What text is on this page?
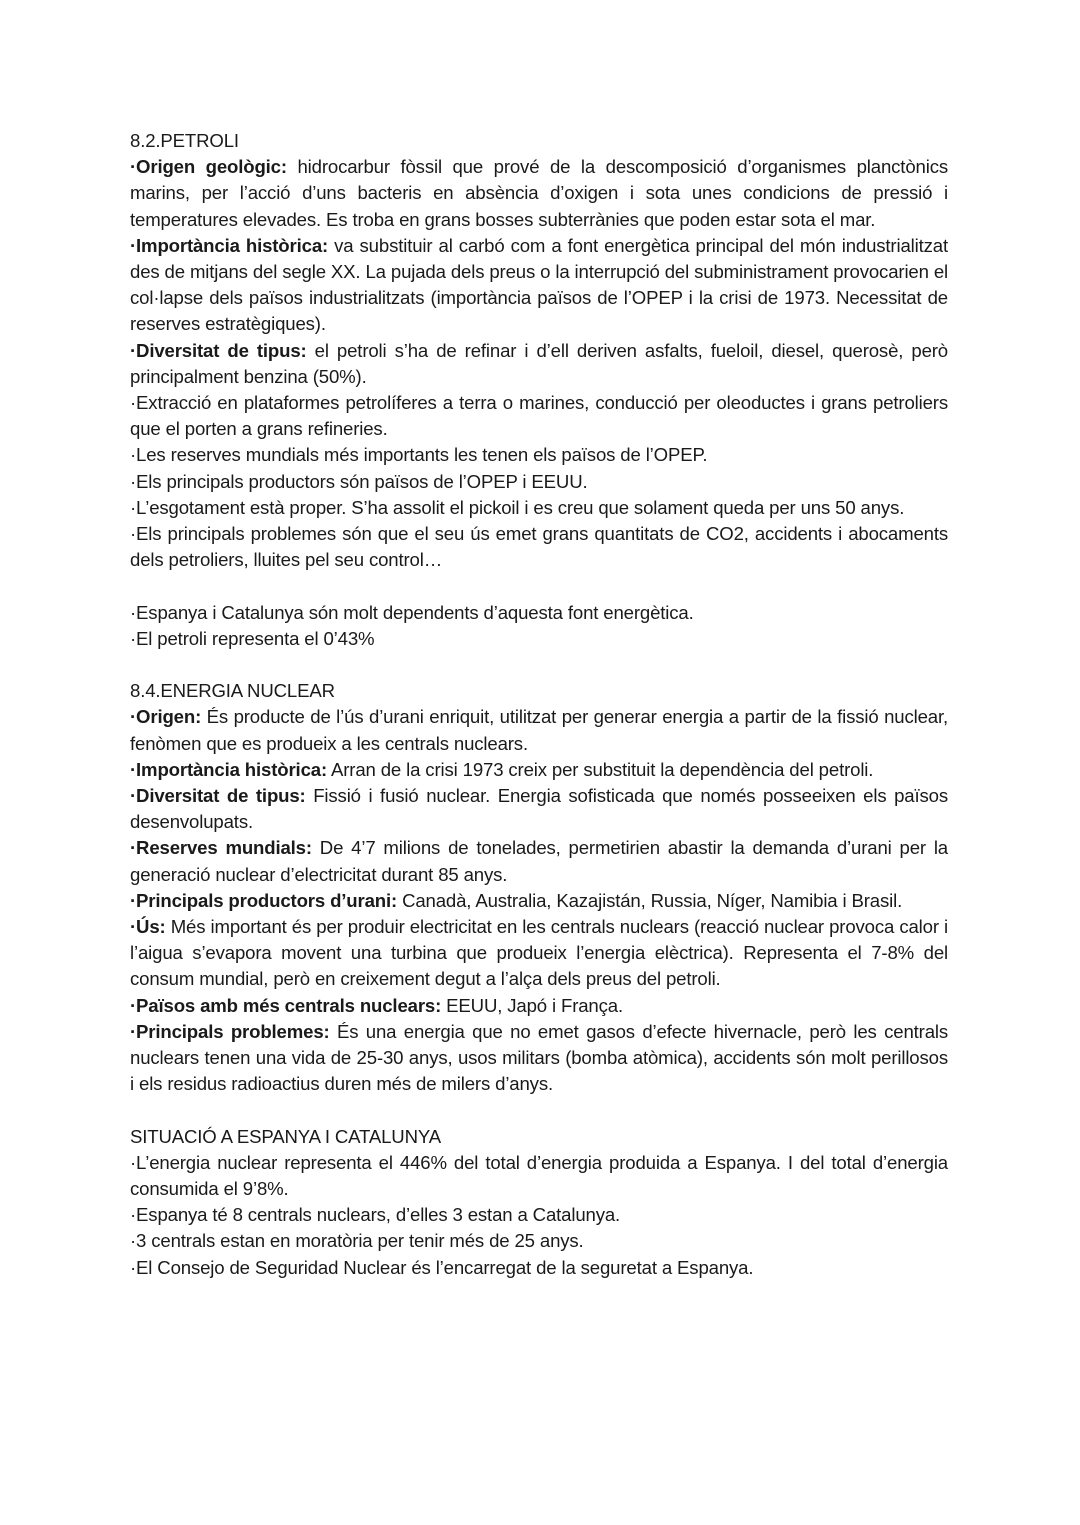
8.2.PETROLI

·Origen geològic: hidrocarbur fòssil que prové de la descomposició d’organismes planctònics marins, per l’acció d’uns bacteris en absència d’oxigen i sota unes condicions de pressió i temperatures elevades. Es troba en grans bosses subterrànies que poden estar sota el mar.

·Importància històrica: va substituir al carbó com a font energètica principal del món industrialitzat des de mitjans del segle XX. La pujada dels preus o la interrupció del subministrament provocarien el col·lapse dels països industrialitzats (importància països de l’OPEP i la crisi de 1973. Necessitat de reserves estratègiques).

·Diversitat de tipus: el petroli s’ha de refinar i d’ell deriven asfalts, fueloil, diesel, querosè, però principalment benzina (50%).

·Extracció en plataformes petrolíferes a terra o marines, conducció per oleoductes i grans petroliers que el porten a grans refineries.

·Les reserves mundials més importants les tenen els països de l’OPEP.

·Els principals productors són països de l’OPEP i EEUU.

·L’esgotament està proper. S’ha assolit el pickoil i es creu que solament queda per uns 50 anys.

·Els principals problemes són que el seu ús emet grans quantitats de CO2, accidents i abocaments dels petroliers, lluites pel seu control…

·Espanya i Catalunya són molt dependents d’aquesta font energètica.

·El petroli representa el 0’43%

8.4.ENERGIA NUCLEAR

·Origen: És producte de l’ús d’urani enriquit, utilitzat per generar energia a partir de la fissió nuclear, fenòmen que es produeix a les centrals nuclears.

·Importància històrica: Arran de la crisi 1973 creix per substituit la dependència del petroli.

·Diversitat de tipus: Fissió i fusió nuclear. Energia sofisticada que només posseeixen els països desenvolupats.

·Reserves mundials: De 4’7 milions de tonelades, permetirien abastir la demanda d’urani per la generació nuclear d’electricitat durant 85 anys.

·Principals productors d’urani: Canadà, Australia, Kazajistán, Russia, Níger, Namibia i Brasil.

·Ús: Més important és per produir electricitat en les centrals nuclears (reacció nuclear provoca calor i l’aigua s’evapora movent una turbina que produeix l’energia elèctrica). Representa el 7-8% del consum mundial, però en creixement degut a l’alça dels preus del petroli.

·Països amb més centrals nuclears: EEUU, Japó i França.

·Principals problemes: És una energia que no emet gasos d’efecte hivernacle, però les centrals nuclears tenen una vida de 25-30 anys, usos militars (bomba atòmica), accidents són molt perillosos i els residus radioactius duren més de milers d’anys.

SITUACIÓ A ESPANYA I CATALUNYA

·L’energia nuclear representa el 446% del total d’energia produida a Espanya. I del total d’energia consumida el 9’8%.

·Espanya té 8 centrals nuclears, d’elles 3 estan a Catalunya.

·3 centrals estan en moratòria per tenir més de 25 anys.

·El Consejo de Seguridad Nuclear és l’encarregat de la seguretat a Espanya.
